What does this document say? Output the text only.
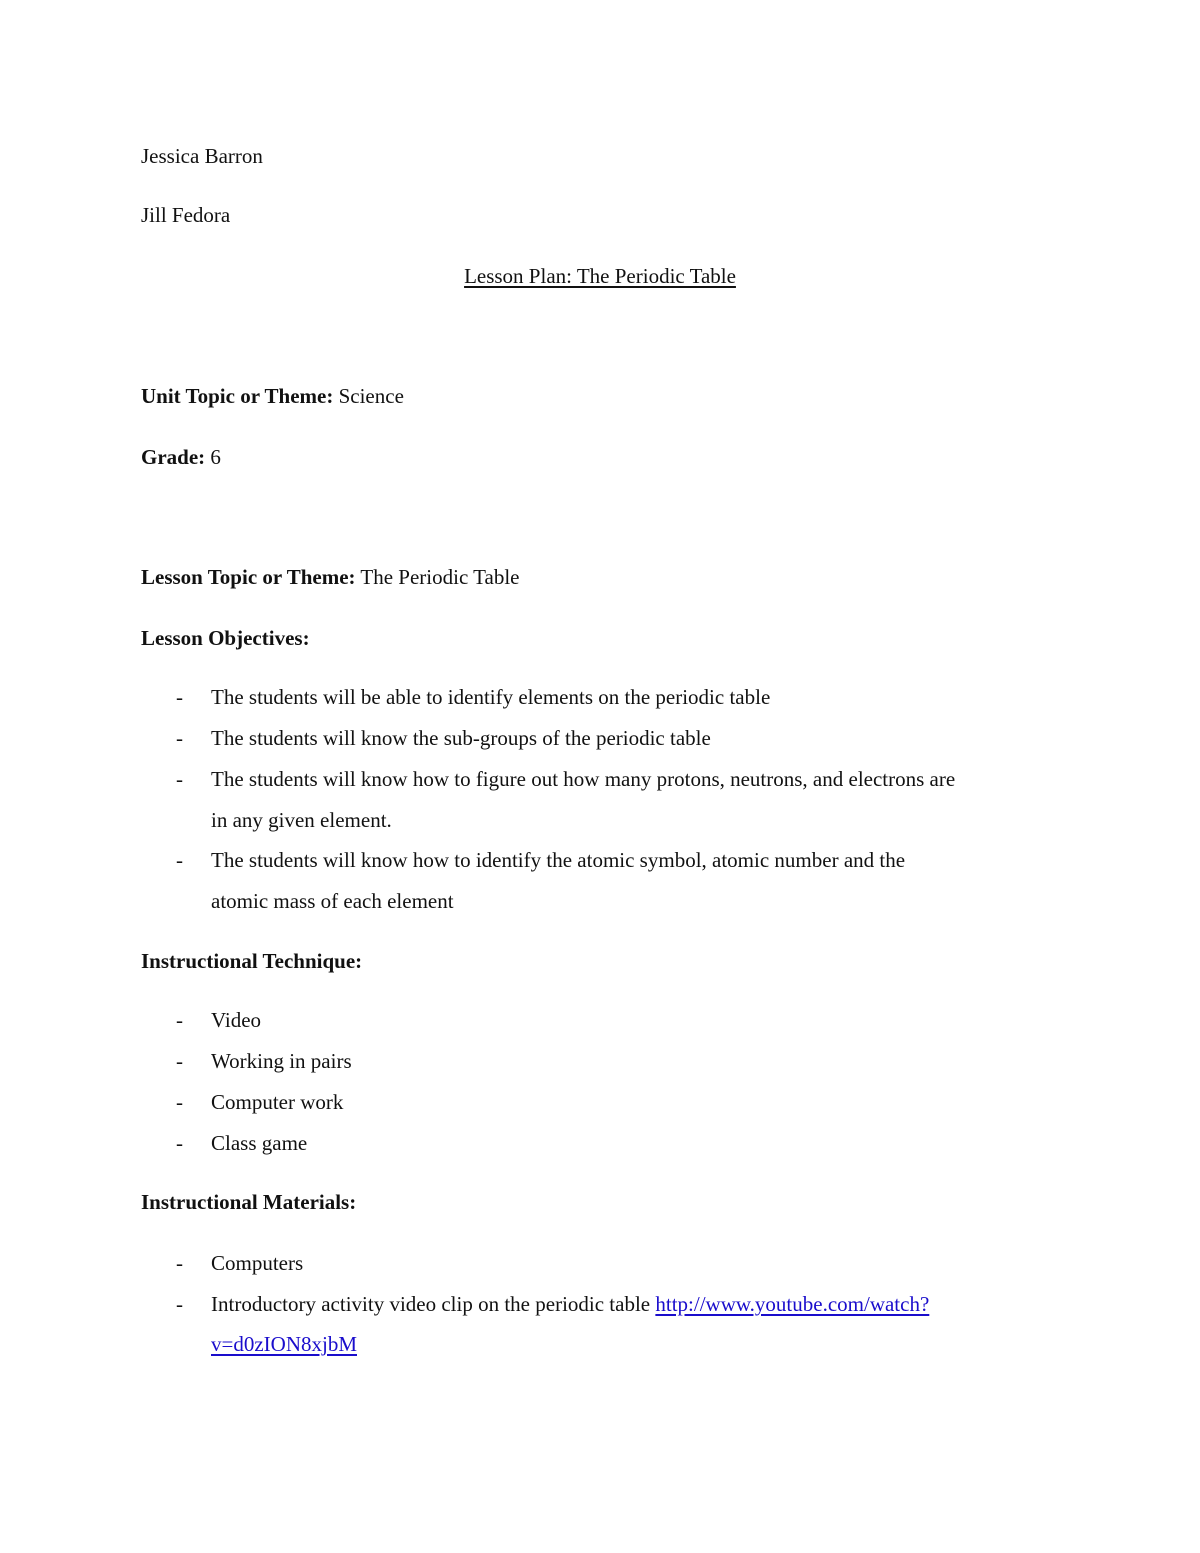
Jessica Barron
Jill Fedora
Lesson Plan: The Periodic Table
Unit Topic or Theme: Science
Grade: 6
Lesson Topic or Theme: The Periodic Table
Lesson Objectives:
- The students will be able to identify elements on the periodic table
- The students will know the sub-groups of the periodic table
- The students will know how to figure out how many protons, neutrons, and electrons are
in any given element.
- The students will know how to identify the atomic symbol, atomic number and the
atomic mass of each element
Instructional Technique:
- Video
- Working in pairs
- Computer work
- Class game
Instructional Materials:
- Computers
- Introductory activity video clip on the periodic table http://www.youtube.com/watch?
v=d0zION8xjbM
